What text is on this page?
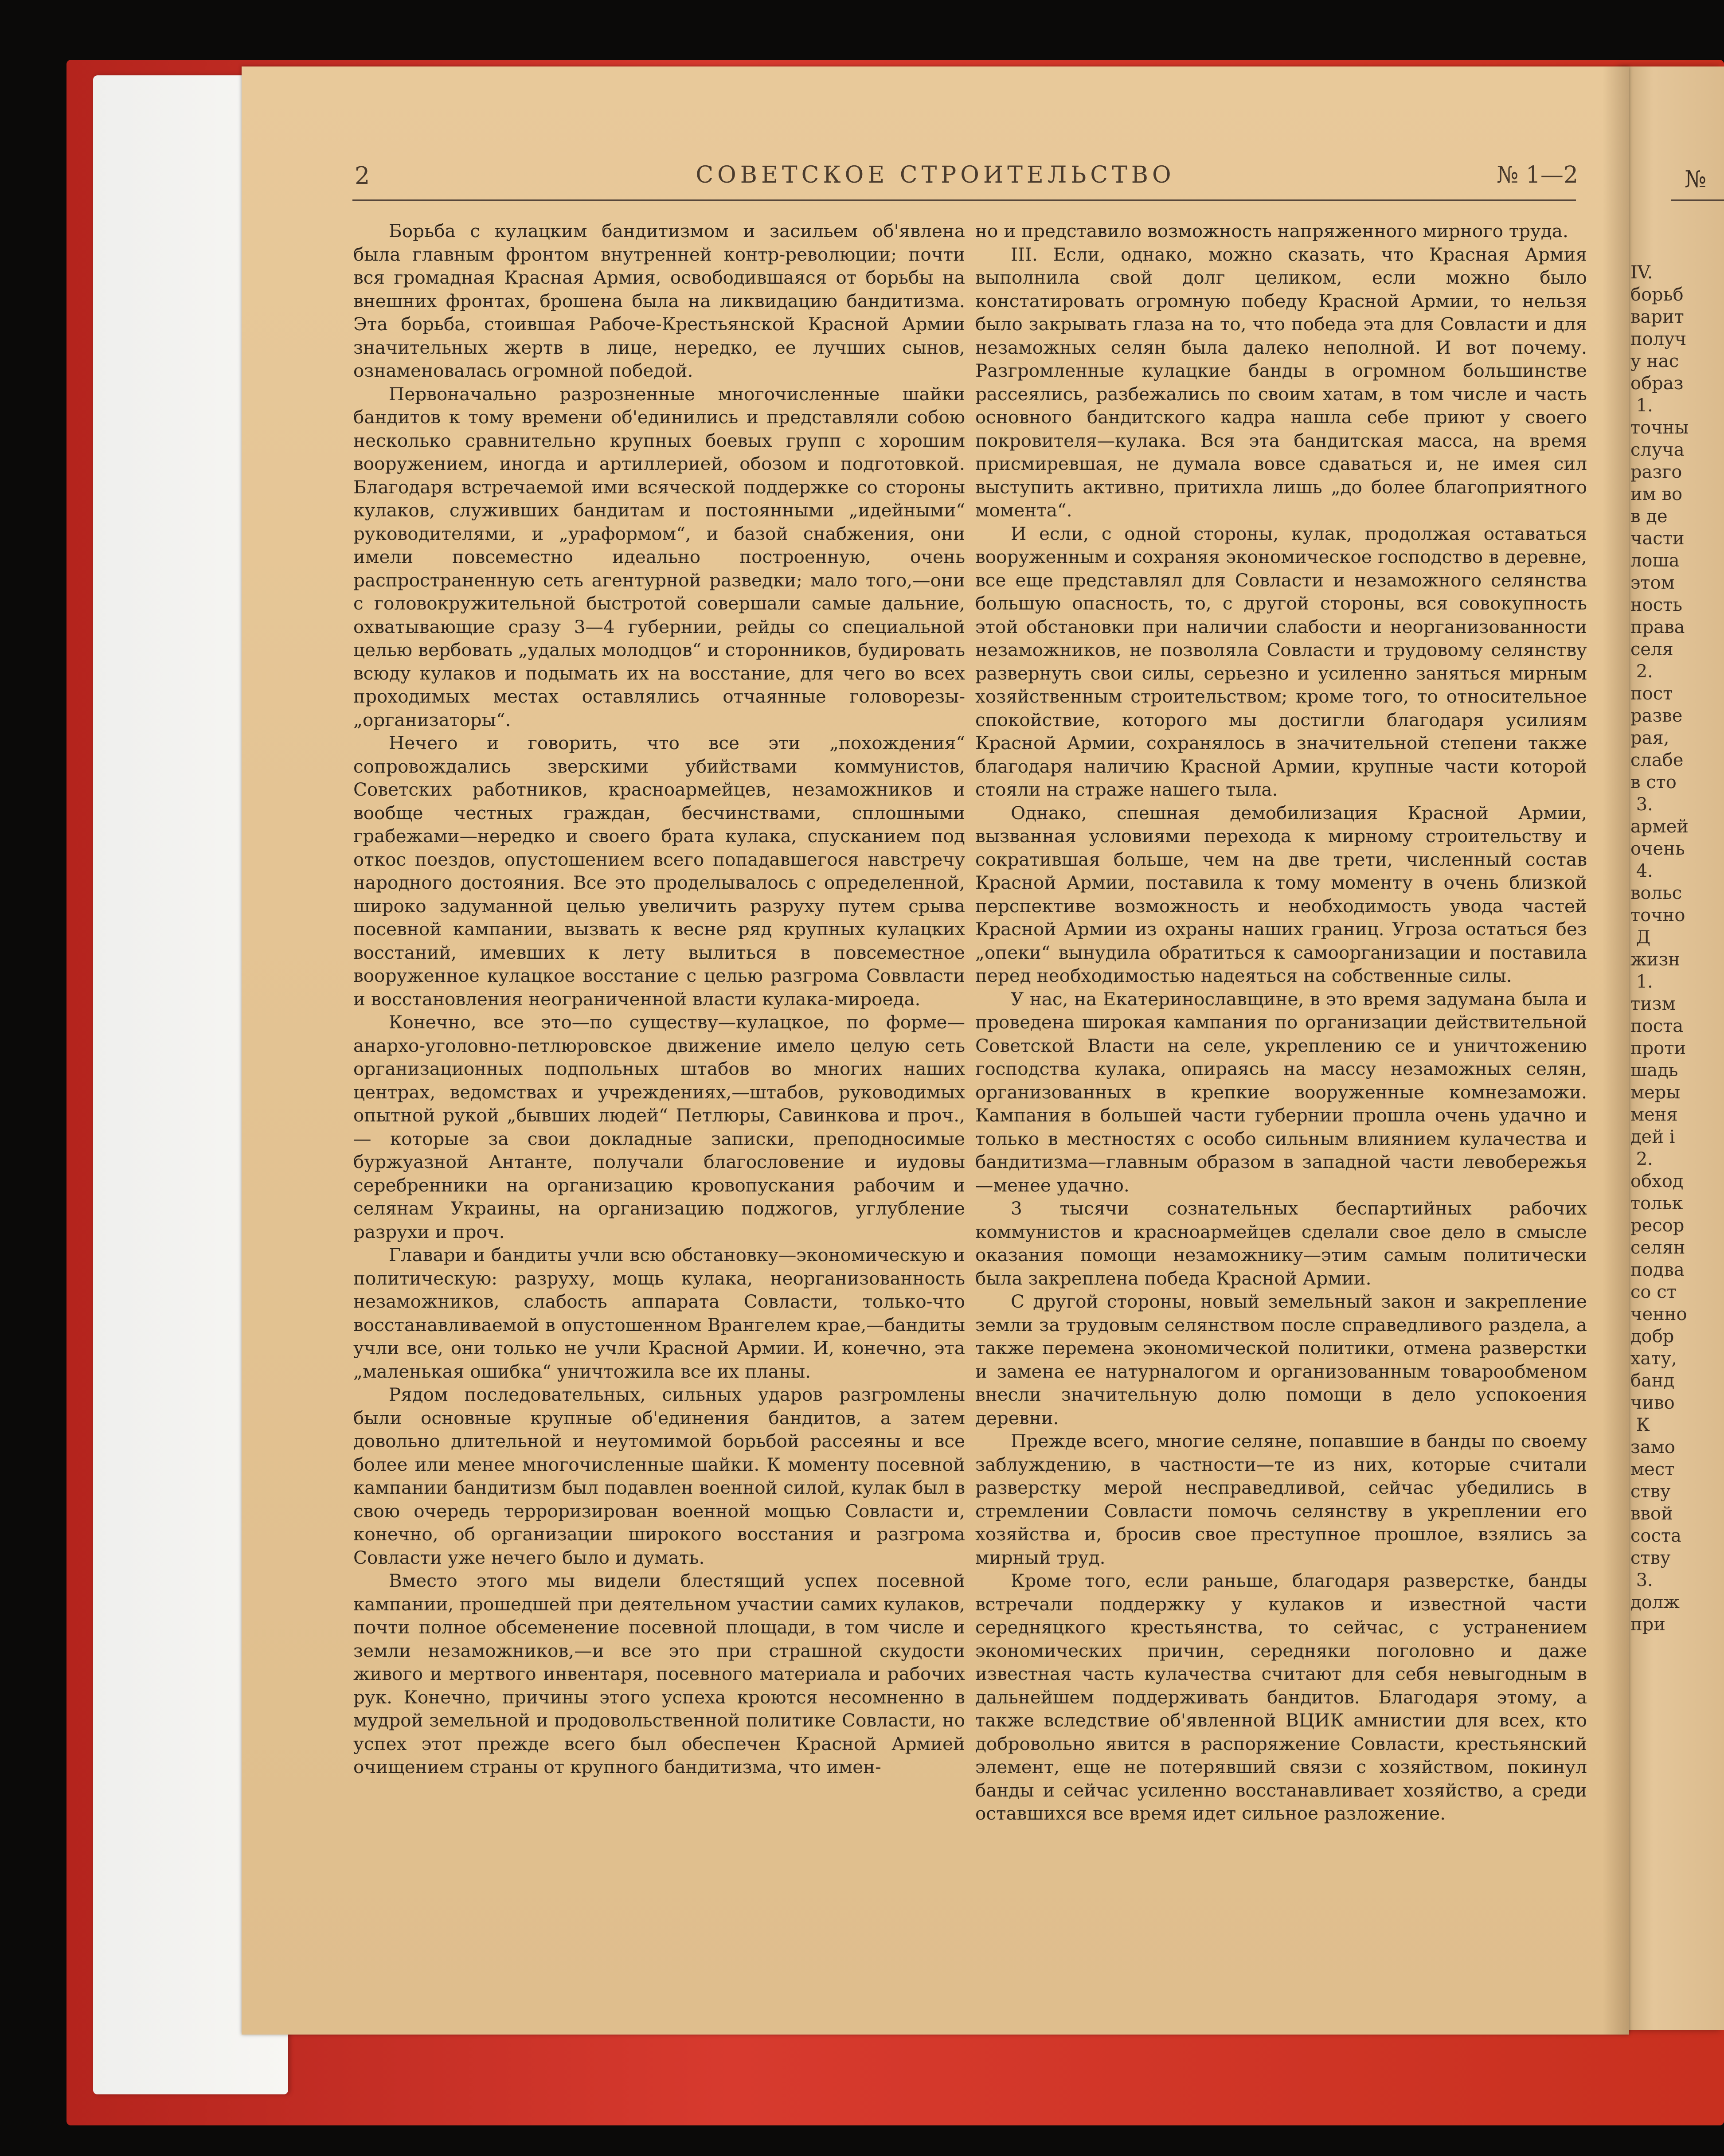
№
IV.
борьб
варит
получ
у нас
образ
1.
точны
случа
разго
им во
в де
части
лоша
этом
ность
права
селя
2.
пост
разве
рая,
слабе
в сто
3.
армей
очень
4.
вольс
точно
Д
жизн
1.
тизм
поста
проти
шадь
меры
меня
дей і
2.
обход
тольк
ресор
селян
подва
со ст
ченно
добр
хату,
банд
чиво
К
замо
мест
ству
ввой
соста
ству
3.
долж
при
2	СОВЕТСКОЕ СТРОИТЕЛЬСТВО	№ 1—2

Борьба с кулацким бандитизмом и засильем об'явлена была главным фронтом внутренней контр-революции; почти вся громадная Красная Армия, освободившаяся от борьбы на внешних фронтах, брошена была на ликвидацию бандитизма. Эта борьба, стоившая Рабоче-Крестьянской Красной Армии значительных жертв в лице, нередко, ее лучших сынов, ознаменовалась огромной победой.

Первоначально разрозненные многочисленные шайки бандитов к тому времени об'единились и представляли собою несколько сравнительно крупных боевых групп с хорошим вооружением, иногда и артиллерией, обозом и подготовкой. Благодаря встречаемой ими всяческой поддержке со стороны кулаков, служивших бандитам и постоянными „идейными“ руководителями, и „ураформом“, и базой снабжения, они имели повсеместно идеально построенную, очень распространенную сеть агентурной разведки; мало того,—они с головокружительной быстротой совершали самые дальние, охватывающие сразу 3—4 губернии, рейды со специальной целью вербовать „удалых молодцов“ и сторонников, будировать всюду кулаков и подымать их на восстание, для чего во всех проходимых местах оставлялись отчаянные головорезы-„организаторы“.

Нечего и говорить, что все эти „похождения“ сопровождались зверскими убийствами коммунистов, Советских работников, красноармейцев, незаможников и вообще честных граждан, бесчинствами, сплошными грабежами—нередко и своего брата кулака, спусканием под откос поездов, опустошением всего попадавшегося навстречу народного достояния. Все это проделывалось с определенной, широко задуманной целью увеличить разруху путем срыва посевной кампании, вызвать к весне ряд крупных кулацких восстаний, имевших к лету вылиться в повсеместное вооруженное кулацкое восстание с целью разгрома Соввласти и восстановления неограниченной власти кулака-мироеда.

Конечно, все это—по существу—кулацкое, по форме—анархо-уголовно-петлюровское движение имело целую сеть организационных подпольных штабов во многих наших центрах, ведомствах и учреждениях,—штабов, руководимых опытной рукой „бывших людей“ Петлюры, Савинкова и проч.,— которые за свои докладные записки, преподносимые буржуазной Антанте, получали благословение и иудовы серебренники на организацию кровопускания рабочим и селянам Украины, на организацию поджогов, углубление разрухи и проч.

Главари и бандиты учли всю обстановку—экономическую и политическую: разруху, мощь кулака, неорганизованность незаможников, слабость аппарата Совласти, только-что восстанавливаемой в опустошенном Врангелем крае,—бандиты учли все, они только не учли Красной Армии. И, конечно, эта „маленькая ошибка“ уничтожила все их планы.

Рядом последовательных, сильных ударов разгромлены были основные крупные об'единения бандитов, а затем довольно длительной и неутомимой борьбой рассеяны и все более или менее многочисленные шайки. К моменту посевной кампании бандитизм был подавлен военной силой, кулак был в свою очередь терроризирован военной мощью Совласти и, конечно, об организации широкого восстания и разгрома Совласти уже нечего было и думать.

Вместо этого мы видели блестящий успех посевной кампании, прошедшей при деятельном участии самих кулаков, почти полное обсеменение посевной площади, в том числе и земли незаможников,—и все это при страшной скудости живого и мертвого инвентаря, посевного материала и рабочих рук. Конечно, причины этого успеха кроются несомненно в мудрой земельной и продовольственной политике Совласти, но успех этот прежде всего был обеспечен Красной Армией очищением страны от крупного бандитизма, что имен-

но и представило возможность напряженного мирного труда.

III. Если, однако, можно сказать, что Красная Армия выполнила свой долг целиком, если можно было констатировать огромную победу Красной Армии, то нельзя было закрывать глаза на то, что победа эта для Совласти и для незаможных селян была далеко неполной. И вот почему. Разгромленные кулацкие банды в огромном большинстве рассеялись, разбежались по своим хатам, в том числе и часть основного бандитского кадра нашла себе приют у своего покровителя—кулака. Вся эта бандитская масса, на время присмиревшая, не думала вовсе сдаваться и, не имея сил выступить активно, притихла лишь „до более благоприятного момента“.

И если, с одной стороны, кулак, продолжая оставаться вооруженным и сохраняя экономическое господство в деревне, все еще представлял для Совласти и незаможного селянства большую опасность, то, с другой стороны, вся совокупность этой обстановки при наличии слабости и неорганизованности незаможников, не позволяла Совласти и трудовому селянству развернуть свои силы, серьезно и усиленно заняться мирным хозяйственным строительством; кроме того, то относительное спокойствие, которого мы достигли благодаря усилиям Красной Армии, сохранялось в значительной степени также благодаря наличию Красной Армии, крупные части которой стояли на страже нашего тыла.

Однако, спешная демобилизация Красной Армии, вызванная условиями перехода к мирному строительству и сократившая больше, чем на две трети, численный состав Красной Армии, поставила к тому моменту в очень близкой перспективе возможность и необходимость увода частей Красной Армии из охраны наших границ. Угроза остаться без „опеки“ вынудила обратиться к самоорганизации и поставила перед необходимостью надеяться на собственные силы.

У нас, на Екатеринославщине, в это время задумана была и проведена широкая кампания по организации действительной Советской Власти на селе, укреплению се и уничтожению господства кулака, опираясь на массу незаможных селян, организованных в крепкие вооруженные комнезаможи. Кампания в большей части губернии прошла очень удачно и только в местностях с особо сильным влиянием кулачества и бандитизма—главным образом в западной части левобережья—менее удачно.

3 тысячи сознательных беспартийных рабочих коммунистов и красноармейцев сделали свое дело в смысле оказания помощи незаможнику—этим самым политически была закреплена победа Красной Армии.

С другой стороны, новый земельный закон и закрепление земли за трудовым селянством после справедливого раздела, а также перемена экономической политики, отмена разверстки и замена ее натурналогом и организованным товарообменом внесли значительную долю помощи в дело успокоения деревни.

Прежде всего, многие селяне, попавшие в банды по своему заблуждению, в частности—те из них, которые считали разверстку мерой несправедливой, сейчас убедились в стремлении Совласти помочь селянству в укреплении его хозяйства и, бросив свое преступное прошлое, взялись за мирный труд.

Кроме того, если раньше, благодаря разверстке, банды встречали поддержку у кулаков и известной части середняцкого крестьянства, то сейчас, с устранением экономических причин, середняки поголовно и даже известная часть кулачества считают для себя невыгодным в дальнейшем поддерживать бандитов. Благодаря этому, а также вследствие об'явленной ВЦИК амнистии для всех, кто добровольно явится в распоряжение Совласти, крестьянский элемент, еще не потерявший связи с хозяйством, покинул банды и сейчас усиленно восстанавливает хозяйство, а среди оставшихся все время идет сильное разложение.
